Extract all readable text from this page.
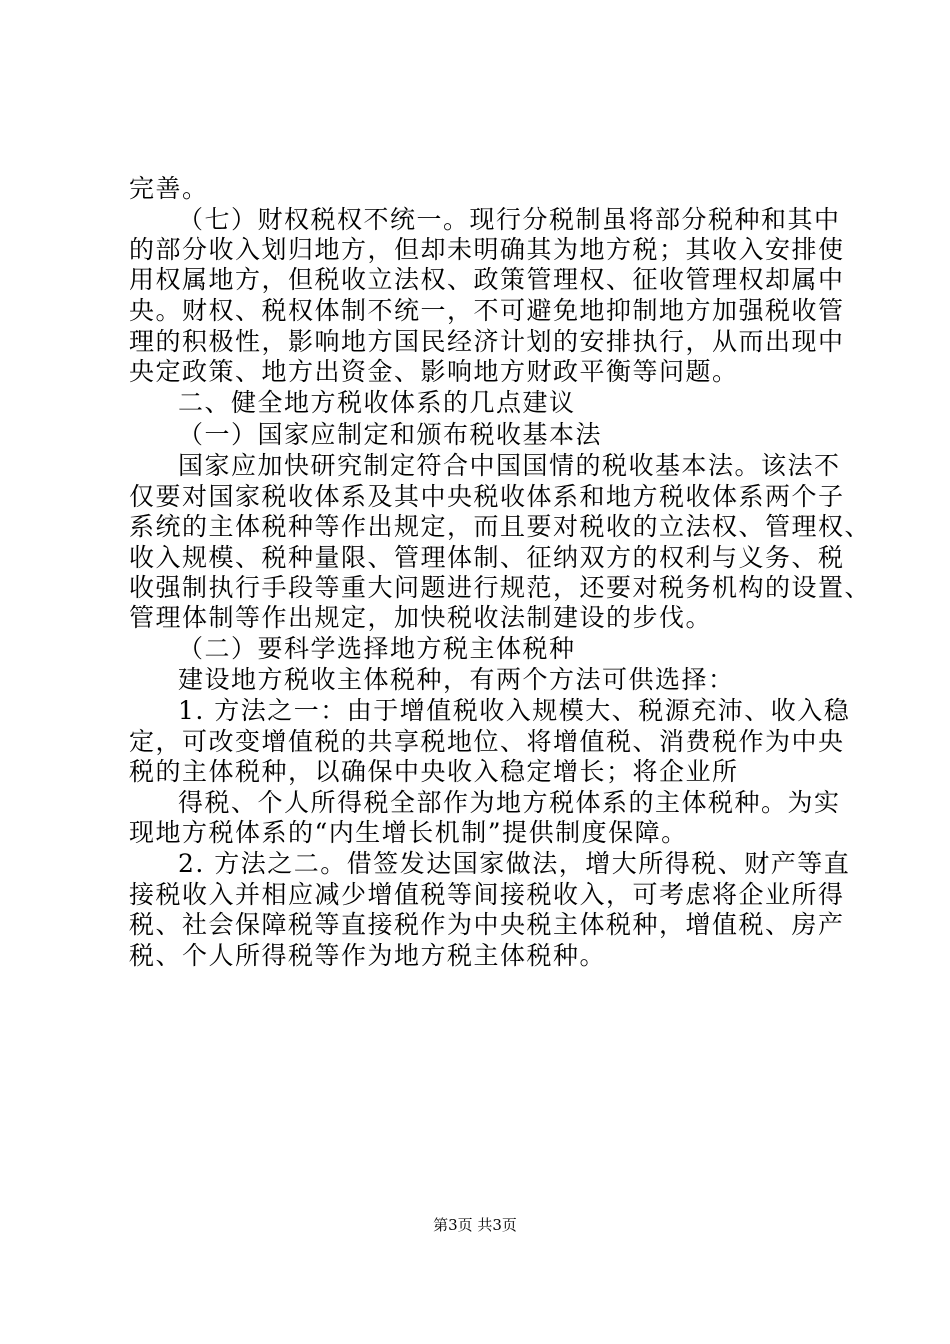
完善。
（七）财权税权不统一。现行分税制虽将部分税种和其中
的部分收入划归地方，但却未明确其为地方税；其收入安排使
用权属地方，但税收立法权、政策管理权、征收管理权却属中
央。财权、税权体制不统一，不可避免地抑制地方加强税收管
理的积极性，影响地方国民经济计划的安排执行，从而出现中
央定政策、地方出资金、影响地方财政平衡等问题。
二、健全地方税收体系的几点建议
（一）国家应制定和颁布税收基本法
国家应加快研究制定符合中国国情的税收基本法。该法不
仅要对国家税收体系及其中央税收体系和地方税收体系两个子
系统的主体税种等作出规定，而且要对税收的立法权、管理权、
收入规模、税种量限、管理体制、征纳双方的权利与义务、税
收强制执行手段等重大问题进行规范，还要对税务机构的设置、
管理体制等作出规定，加快税收法制建设的步伐。
（二）要科学选择地方税主体税种
建设地方税收主体税种，有两个方法可供选择：
1. 方法之一：由于增值税收入规模大、税源充沛、收入稳
定，可改变增值税的共享税地位、将增值税、消费税作为中央
税的主体税种，以确保中央收入稳定增长；将企业所
得税、个人所得税全部作为地方税体系的主体税种。为实
现地方税体系的“内生增长机制”提供制度保障。
2. 方法之二。借签发达国家做法，增大所得税、财产等直
接税收入并相应减少增值税等间接税收入，可考虑将企业所得
税、社会保障税等直接税作为中央税主体税种，增值税、房产
税、个人所得税等作为地方税主体税种。
第3页 共3页
